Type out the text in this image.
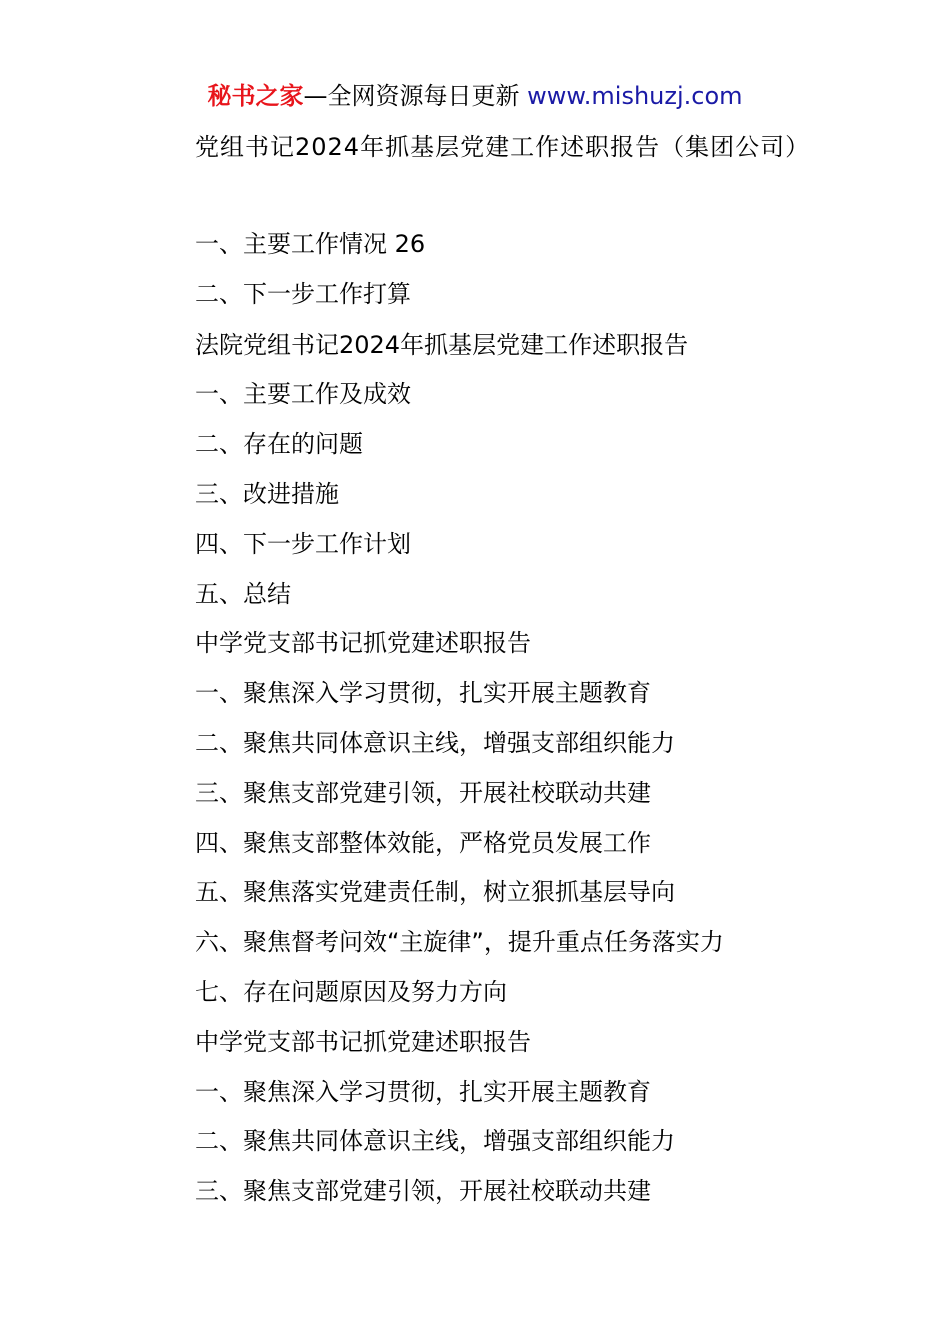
秘书之家—全网资源每日更新 www.mishuzj.com
党组书记2024年抓基层党建工作述职报告（集团公司）
一、主要工作情况 26
二、下一步工作打算
法院党组书记2024年抓基层党建工作述职报告
一、主要工作及成效
二、存在的问题
三、改进措施
四、下一步工作计划
五、总结
中学党支部书记抓党建述职报告
一、聚焦深入学习贯彻，扎实开展主题教育
二、聚焦共同体意识主线，增强支部组织能力
三、聚焦支部党建引领，开展社校联动共建
四、聚焦支部整体效能，严格党员发展工作
五、聚焦落实党建责任制，树立狠抓基层导向
六、聚焦督考问效“主旋律”，提升重点任务落实力
七、存在问题原因及努力方向
中学党支部书记抓党建述职报告
一、聚焦深入学习贯彻，扎实开展主题教育
二、聚焦共同体意识主线，增强支部组织能力
三、聚焦支部党建引领，开展社校联动共建
